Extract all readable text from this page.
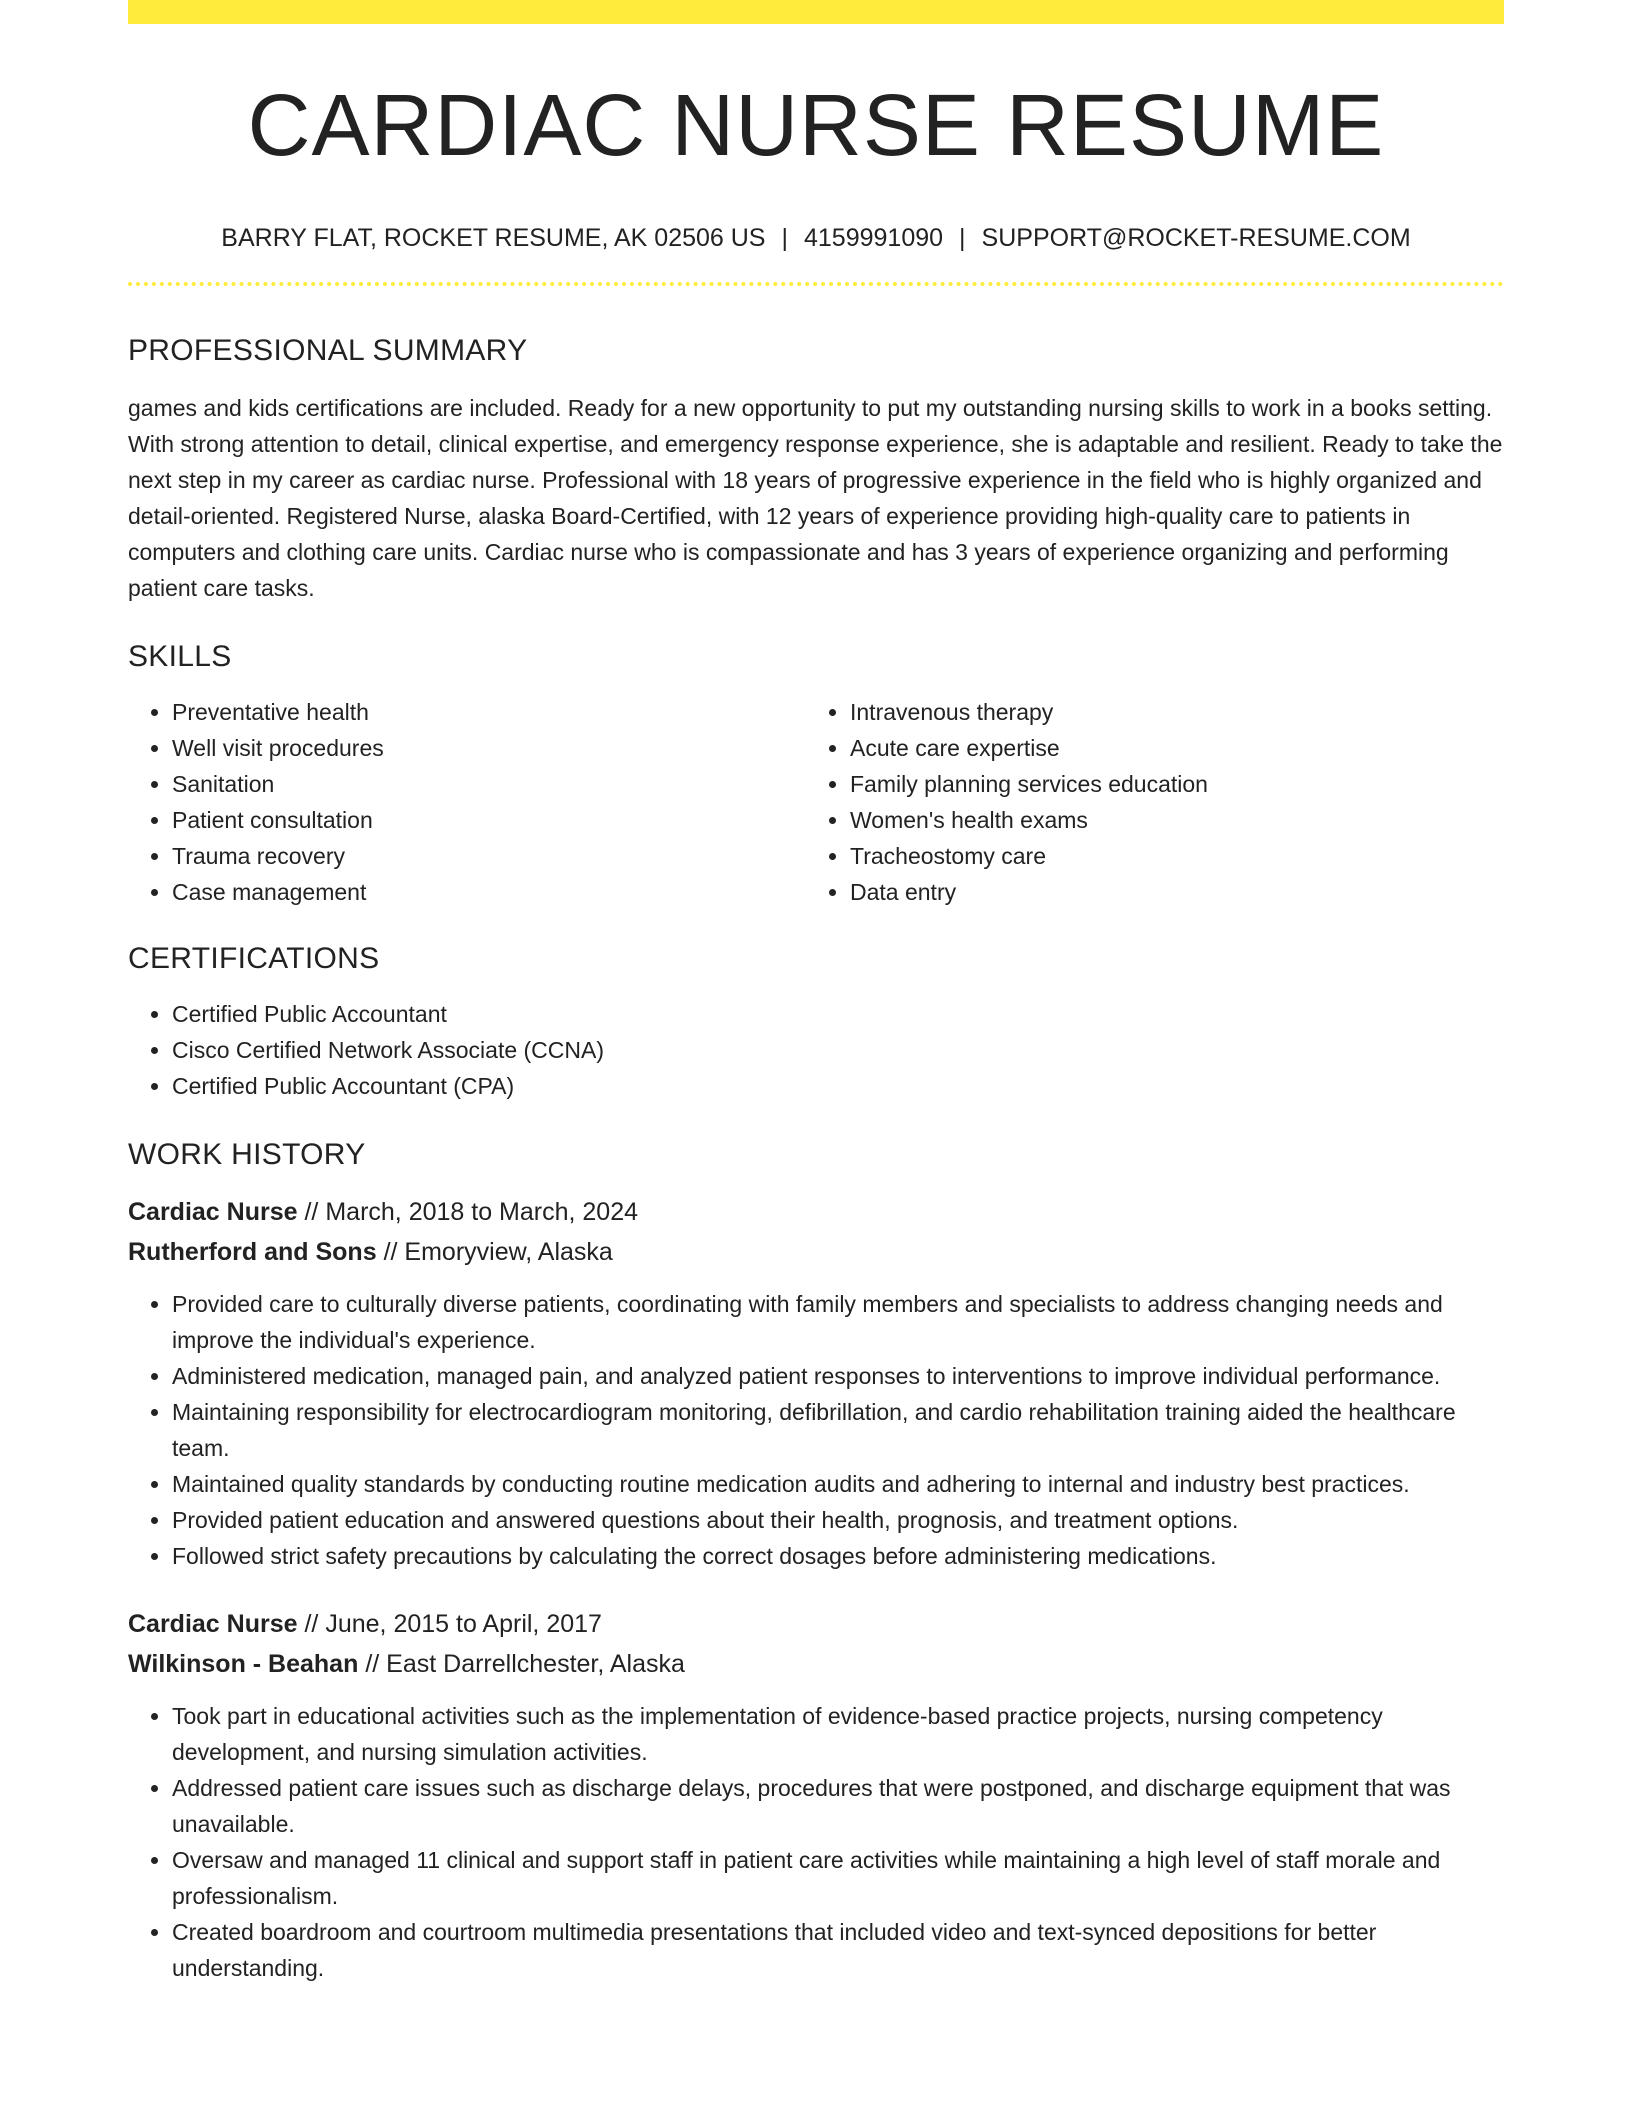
CARDIAC NURSE RESUME
BARRY FLAT, ROCKET RESUME, AK 02506 US | 4159991090 | SUPPORT@ROCKET-RESUME.COM
PROFESSIONAL SUMMARY

games and kids certifications are included. Ready for a new opportunity to put my outstanding nursing skills to work in a books setting. With strong attention to detail, clinical expertise, and emergency response experience, she is adaptable and resilient. Ready to take the next step in my career as cardiac nurse. Professional with 18 years of progressive experience in the field who is highly organized and detail-oriented. Registered Nurse, alaska Board-Certified, with 12 years of experience providing high-quality care to patients in computers and clothing care units. Cardiac nurse who is compassionate and has 3 years of experience organizing and performing patient care tasks.

SKILLS
• Preventative health
• Well visit procedures
• Sanitation
• Patient consultation
• Trauma recovery
• Case management
• Intravenous therapy
• Acute care expertise
• Family planning services education
• Women's health exams
• Tracheostomy care
• Data entry
CERTIFICATIONS
• Certified Public Accountant
• Cisco Certified Network Associate (CCNA)
• Certified Public Accountant (CPA)
WORK HISTORY
Cardiac Nurse // March, 2018 to March, 2024
Rutherford and Sons // Emoryview, Alaska
• Provided care to culturally diverse patients, coordinating with family members and specialists to address changing needs and improve the individual's experience.
• Administered medication, managed pain, and analyzed patient responses to interventions to improve individual performance.
• Maintaining responsibility for electrocardiogram monitoring, defibrillation, and cardio rehabilitation training aided the healthcare team.
• Maintained quality standards by conducting routine medication audits and adhering to internal and industry best practices.
• Provided patient education and answered questions about their health, prognosis, and treatment options.
• Followed strict safety precautions by calculating the correct dosages before administering medications.
Cardiac Nurse // June, 2015 to April, 2017
Wilkinson - Beahan // East Darrellchester, Alaska
• Took part in educational activities such as the implementation of evidence-based practice projects, nursing competency development, and nursing simulation activities.
• Addressed patient care issues such as discharge delays, procedures that were postponed, and discharge equipment that was unavailable.
• Oversaw and managed 11 clinical and support staff in patient care activities while maintaining a high level of staff morale and professionalism.
• Created boardroom and courtroom multimedia presentations that included video and text-synced depositions for better understanding.
